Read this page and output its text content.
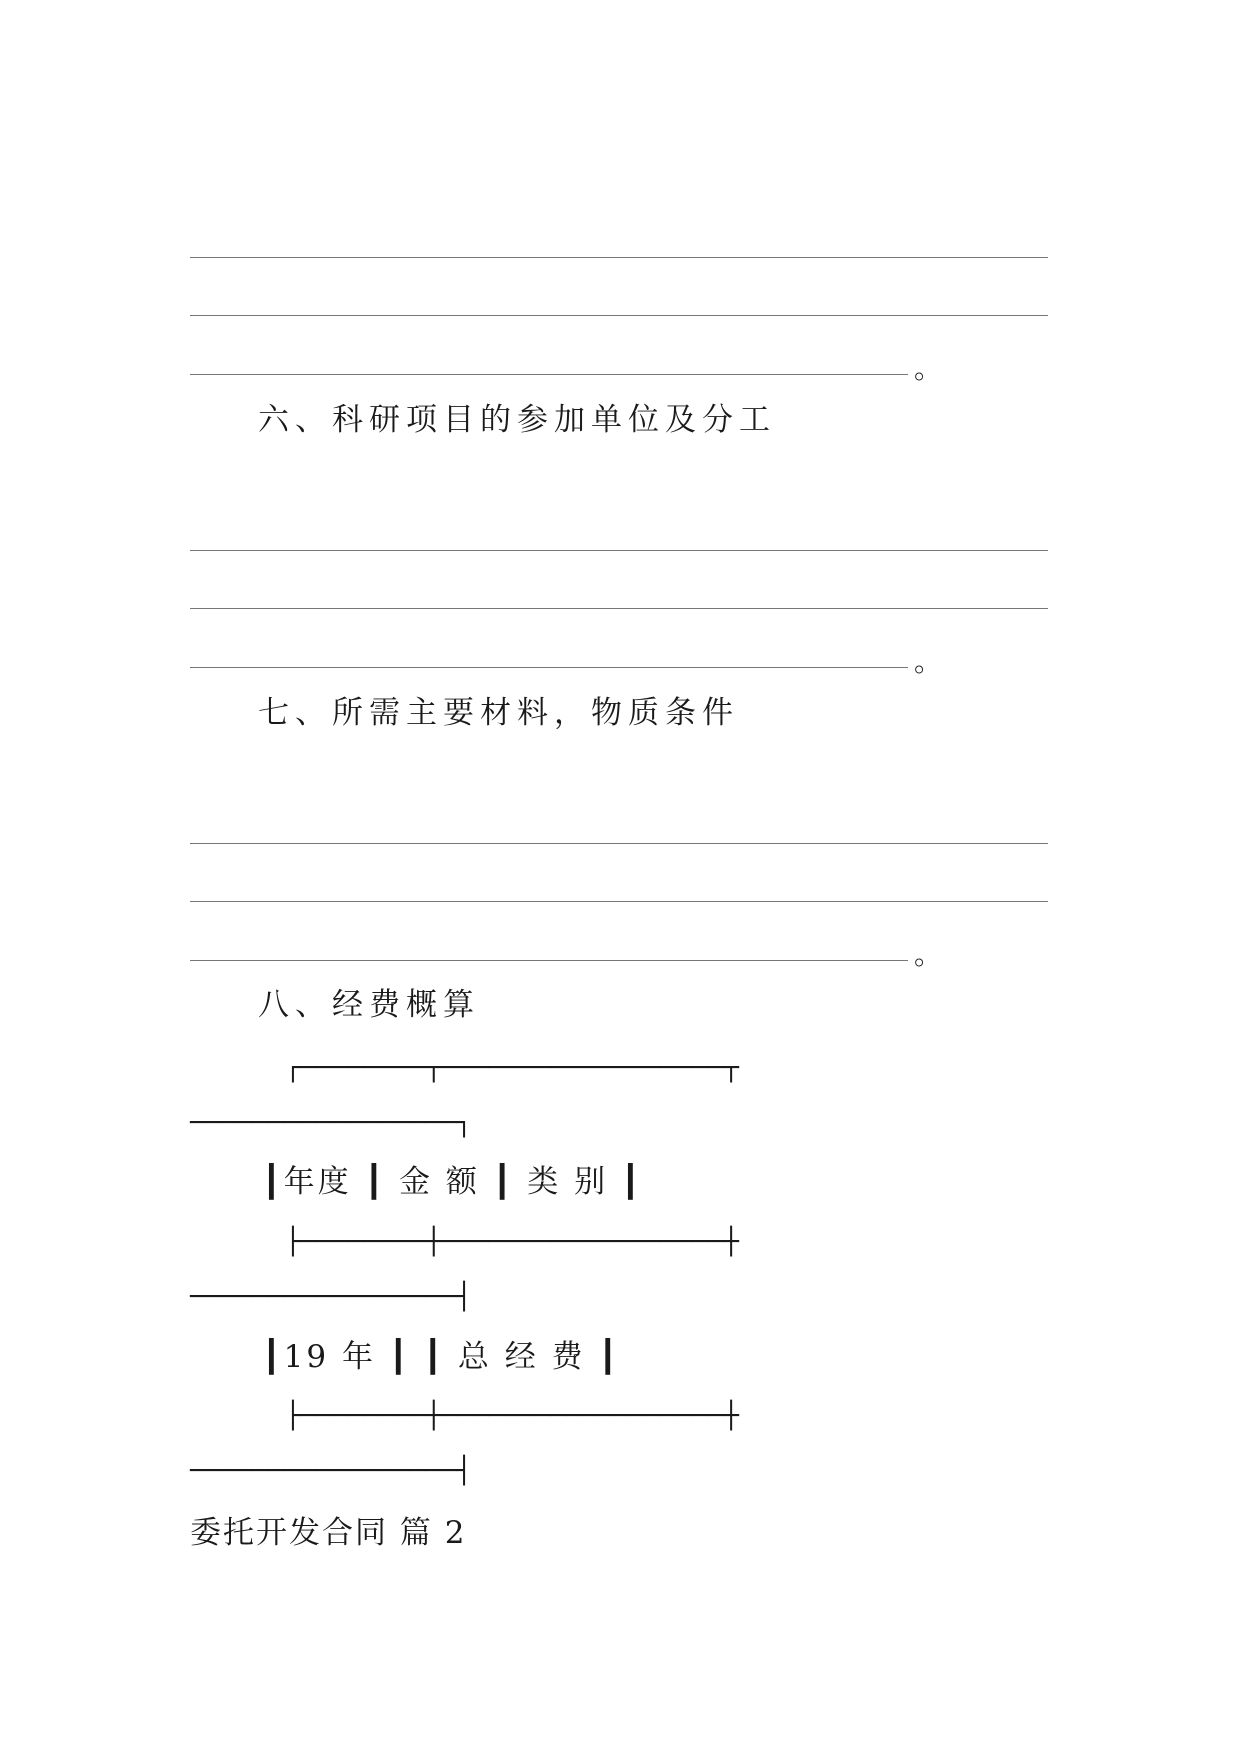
。
六、科研项目的参加单位及分工
。
七、所需主要材料，物质条件
。
八、经费概算
┌────────┬──────────────────┬
─────────────────┐
┃年度 ┃ 金 额 ┃ 类 别 ┃
├────────┼──────────────────┼
─────────────────┤
┃19 年 ┃ ┃ 总 经 费 ┃
├────────┼──────────────────┼
─────────────────┤
委托开发合同 篇 2
